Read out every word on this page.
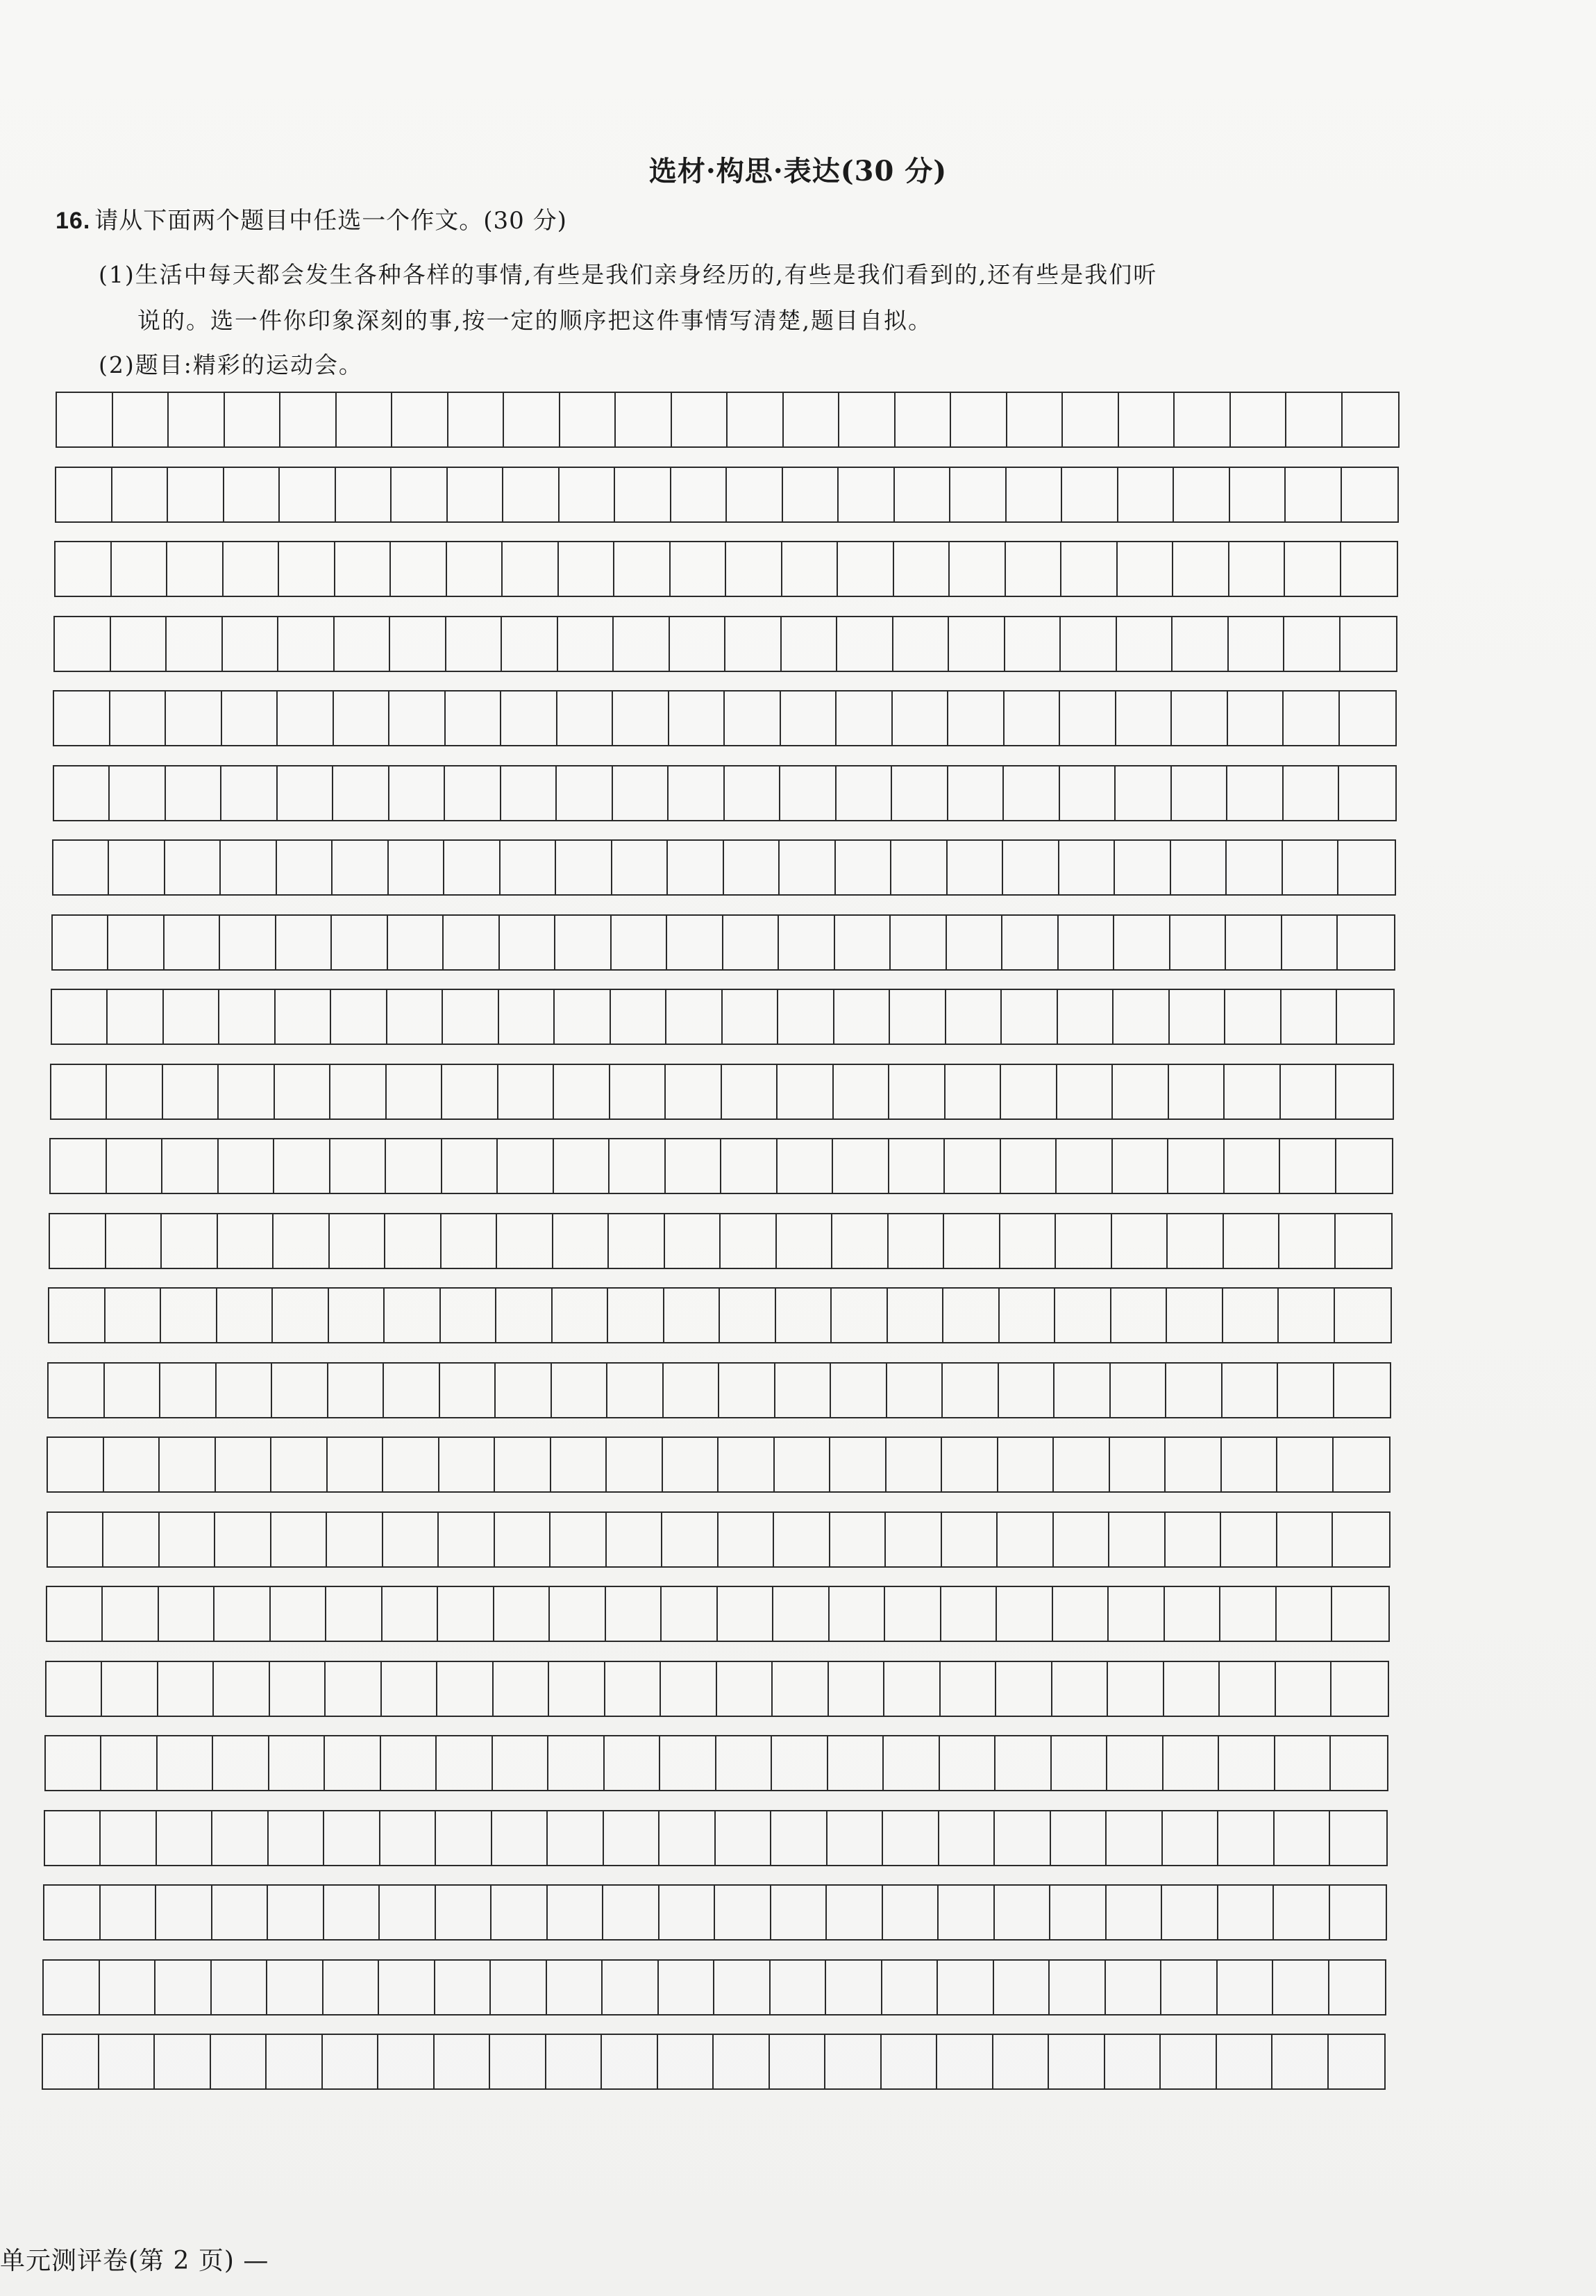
选材·构思·表达(30 分)
16. 请从下面两个题目中任选一个作文。(30 分)
(1)生活中每天都会发生各种各样的事情,有些是我们亲身经历的,有些是我们看到的,还有些是我们听
说的。选一件你印象深刻的事,按一定的顺序把这件事情写清楚,题目自拟。
(2)题目:精彩的运动会。
单元测评卷(第 2 页) —
